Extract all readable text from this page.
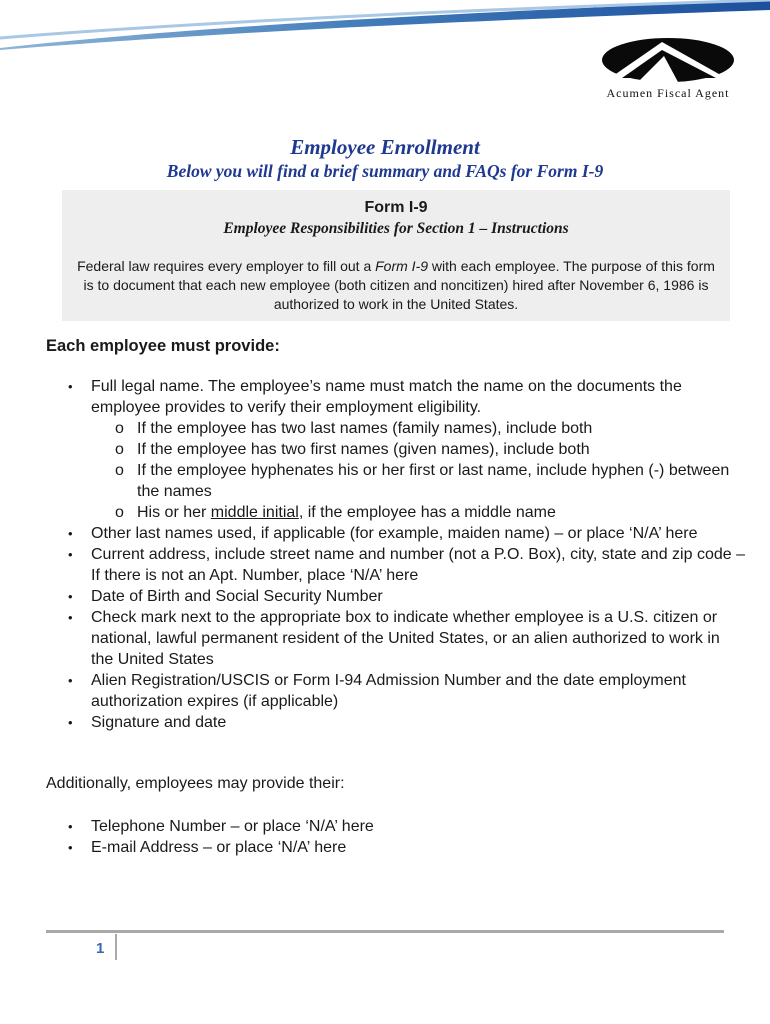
Acumen Fiscal Agent
Employee Enrollment
Below you will find a brief summary and FAQs for Form I-9
Form I-9
Employee Responsibilities for Section 1 – Instructions
Federal law requires every employer to fill out a Form I-9 with each employee. The purpose of this form is to document that each new employee (both citizen and noncitizen) hired after November 6, 1986 is authorized to work in the United States.
Each employee must provide:
• Full legal name. The employee’s name must match the name on the documents the employee provides to verify their employment eligibility.
o If the employee has two last names (family names), include both
o If the employee has two first names (given names), include both
o If the employee hyphenates his or her first or last name, include hyphen (-) between the names
o His or her middle initial, if the employee has a middle name
• Other last names used, if applicable (for example, maiden name) – or place ‘N/A’ here
• Current address, include street name and number (not a P.O. Box), city, state and zip code – If there is not an Apt. Number, place ‘N/A’ here
• Date of Birth and Social Security Number
• Check mark next to the appropriate box to indicate whether employee is a U.S. citizen or national, lawful permanent resident of the United States, or an alien authorized to work in the United States
• Alien Registration/USCIS or Form I-94 Admission Number and the date employment authorization expires (if applicable)
• Signature and date
Additionally, employees may provide their:
• Telephone Number – or place ‘N/A’ here
• E-mail Address – or place ‘N/A’ here
1
